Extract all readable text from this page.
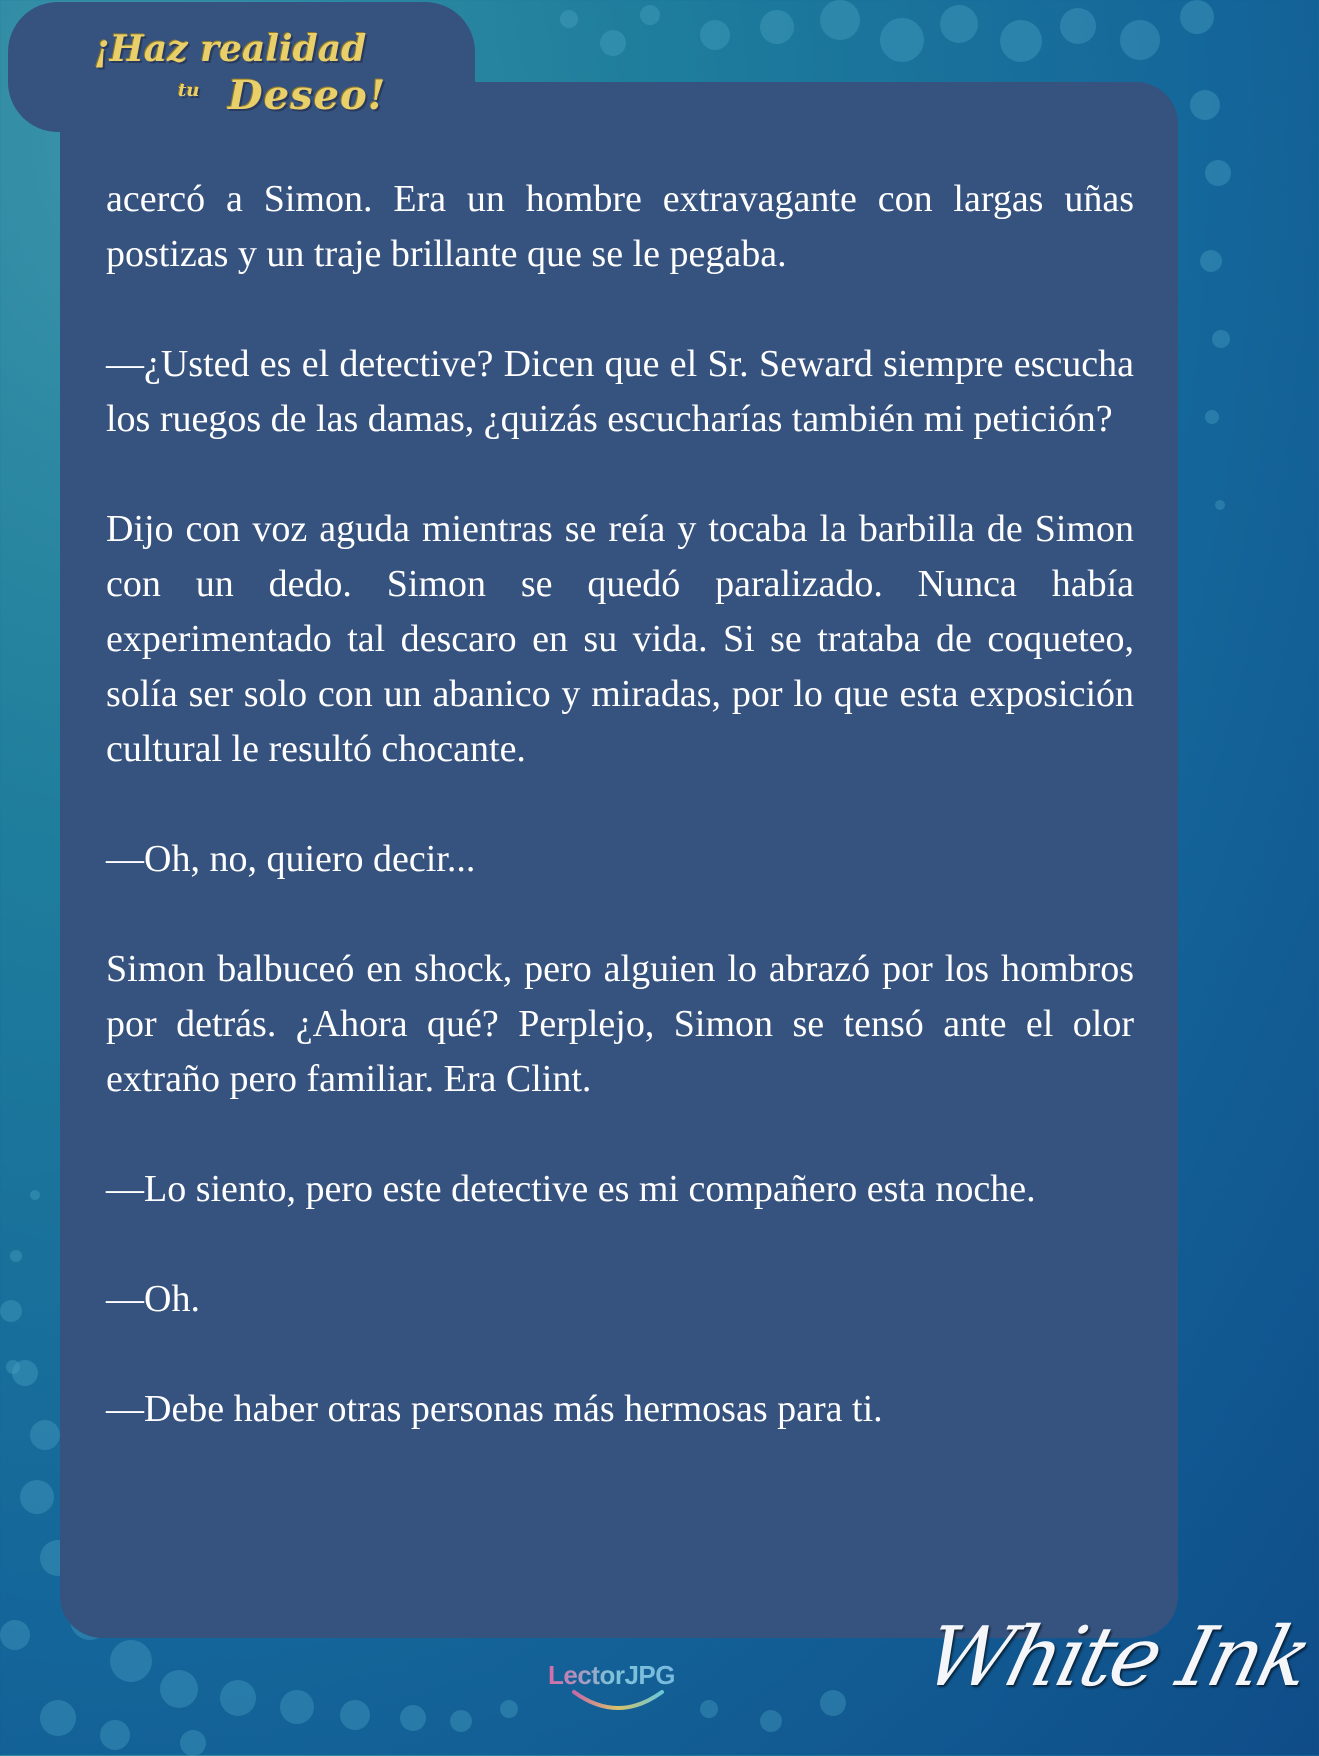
¡Haz realidad
tu Deseo!

acercó a Simon. Era un hombre extravagante con largas uñas postizas y un traje brillante que se le pegaba.

—¿Usted es el detective? Dicen que el Sr. Seward siempre escucha los ruegos de las damas, ¿quizás escucharías también mi petición?

Dijo con voz aguda mientras se reía y tocaba la barbilla de Simon con un dedo. Simon se quedó paralizado. Nunca había experimentado tal descaro en su vida. Si se trataba de coqueteo, solía ser solo con un abanico y miradas, por lo que esta exposición cultural le resultó chocante.

—Oh, no, quiero decir...

Simon balbuceó en shock, pero alguien lo abrazó por los hombros por detrás. ¿Ahora qué? Perplejo, Simon se tensó ante el olor extraño pero familiar. Era Clint.

—Lo siento, pero este detective es mi compañero esta noche.

—Oh.

—Debe haber otras personas más hermosas para ti.

LectorJPG	White Ink
